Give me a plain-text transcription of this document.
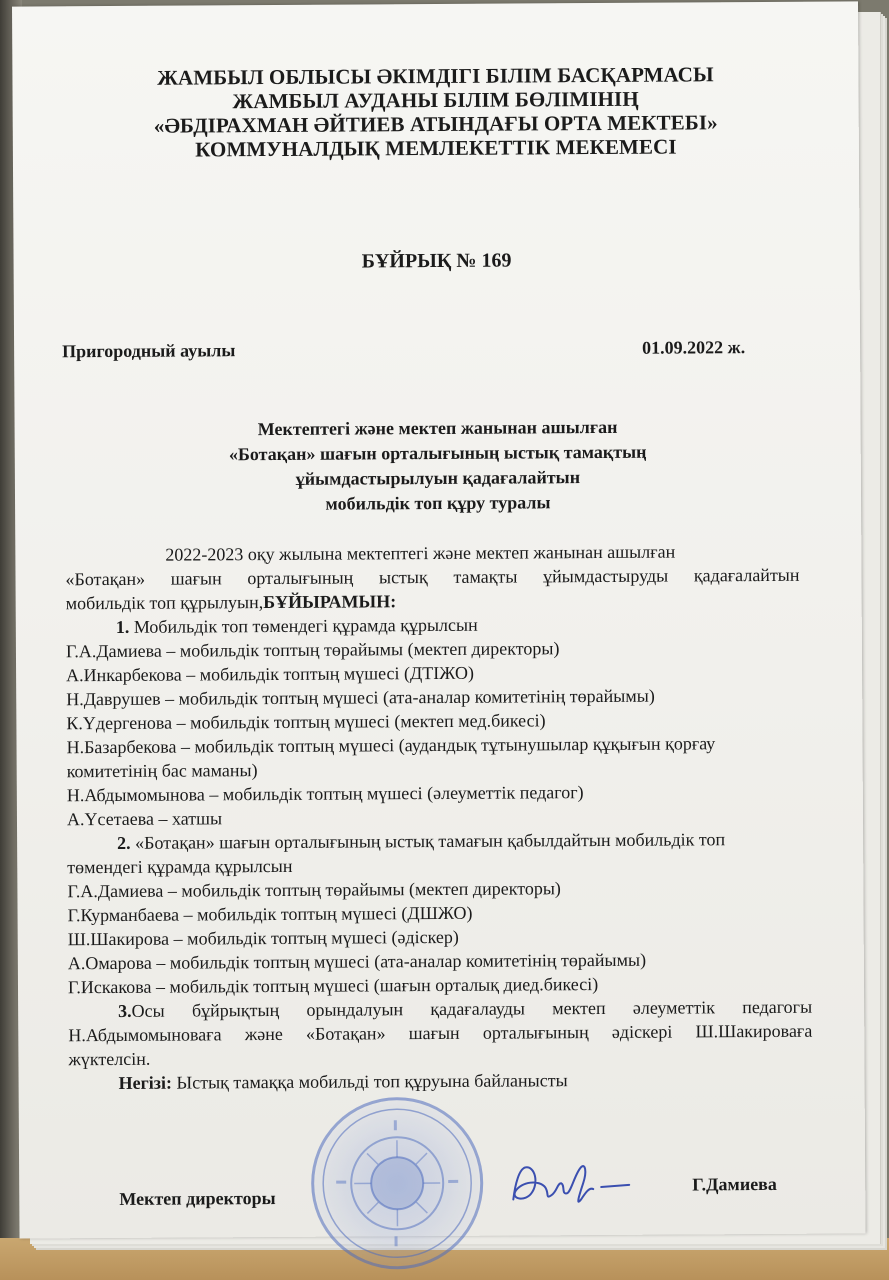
ЖАМБЫЛ ОБЛЫСЫ ӘКІМДІГІ БІЛІМ БАСҚАРМАСЫ
ЖАМБЫЛ АУДАНЫ БІЛІМ БӨЛІМІНІҢ
«ӘБДІРАХМАН ӘЙТИЕВ АТЫНДАҒЫ ОРТА МЕКТЕБІ»
КОММУНАЛДЫҚ МЕМЛЕКЕТТІК МЕКЕМЕСІ
БҰЙРЫҚ № 169
Пригородный ауылы	01.09.2022 ж.
Мектептегі және мектеп жанынан ашылған
«Ботақан» шағын орталығының ыстық тамақтың
ұйымдастырылуын қадағалайтын
мобильдік топ құру туралы
2022-2023 оқу жылына мектептегі және мектеп жанынан ашылған
«Ботақан» шағын орталығының ыстық тамақты ұйымдастыруды қадағалайтын
мобильдік топ құрылуын,БҰЙЫРАМЫН:
1. Мобильдік топ төмендегі құрамда құрылсын
Г.А.Дамиева – мобильдік топтың төрайымы (мектеп директоры)
А.Инкарбекова – мобильдік топтың мүшесі (ДТІЖО)
Н.Даврушев – мобильдік топтың мүшесі (ата-аналар комитетінің төрайымы)
К.Үдергенова – мобильдік топтың мүшесі (мектеп мед.бикесі)
Н.Базарбекова – мобильдік топтың мүшесі (аудандық тұтынушылар құқығын қорғау
комитетінің бас маманы)
Н.Абдымомынова – мобильдік топтың мүшесі (әлеуметтік педагог)
А.Үсетаева – хатшы
2. «Ботақан» шағын орталығының ыстық тамағын қабылдайтын мобильдік топ
төмендегі құрамда құрылсын
Г.А.Дамиева – мобильдік топтың төрайымы (мектеп директоры)
Г.Курманбаева – мобильдік топтың мүшесі (ДШЖО)
Ш.Шакирова – мобильдік топтың мүшесі (әдіскер)
А.Омарова – мобильдік топтың мүшесі (ата-аналар комитетінің төрайымы)
Г.Искакова – мобильдік топтың мүшесі (шағын орталық диед.бикесі)
3.Осы бұйрықтың орындалуын қадағалауды мектеп әлеуметтік педагогы
Н.Абдымомыноваға және «Ботақан» шағын орталығының әдіскері Ш.Шакироваға
жүктелсін.
Негізі: Ыстық тамаққа мобильді топ құруына байланысты
Мектеп директоры
Г.Дамиева
